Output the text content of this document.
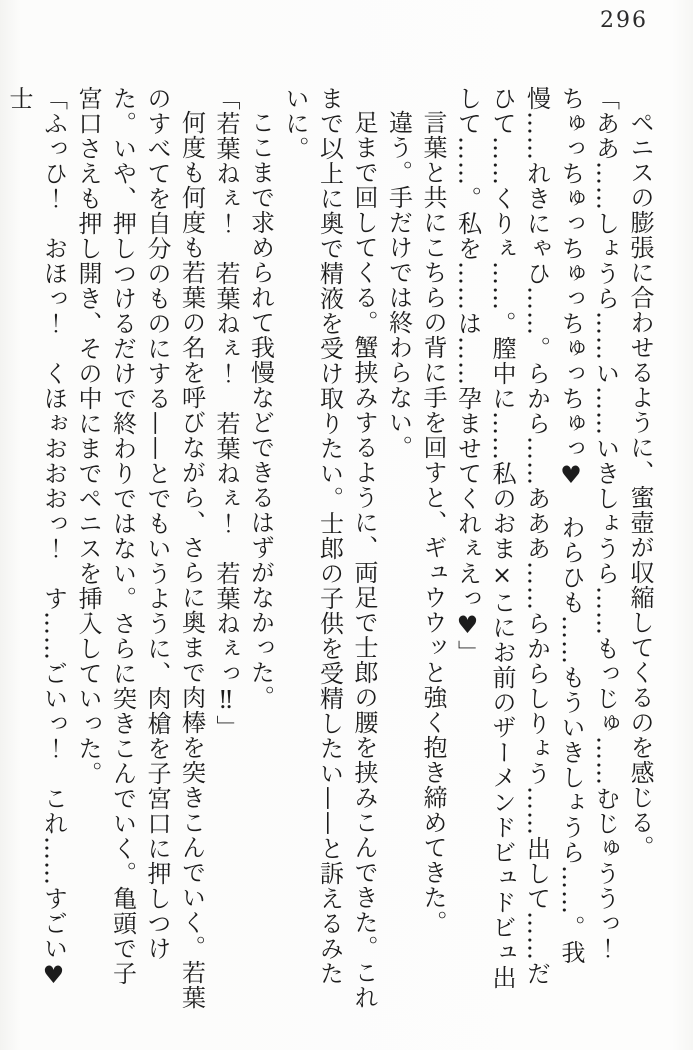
296

ペニスの膨張に合わせるように、蜜壺が収縮してくるのを感じる。

「ああ……しょうら……い……いきしょうら……もっじゅ……むじゅううっ！　ちゅっちゅっちゅっちゅっちゅっ♥　わらひも……もういきしょうら……。我慢……れきにゃひ……。らから……あああ……らからしりょう……出して……だひて……くりぇ……。膣中に……私のおま×こにお前のザーメンドビュドビュ出して……。私を……は……孕ませてくれぇえっ♥」

言葉と共にこちらの背に手を回すと、ギュウウッと強く抱き締めてきた。

違う。手だけでは終わらない。

足まで回してくる。蟹挟みするように、両足で士郎の腰を挟みこんできた。これまで以上に奥で精液を受け取りたい。士郎の子供を受精したい——と訴えるみたいに。

ここまで求められて我慢などできるはずがなかった。

「若葉ねぇ！　若葉ねぇ！　若葉ねぇ！　若葉ねぇっ‼」

何度も何度も若葉の名を呼びながら、さらに奥まで肉棒を突きこんでいく。若葉のすべてを自分のものにする——とでもいうように、肉槍を子宮口に押しつけた。いや、押しつけるだけで終わりではない。さらに突きこんでいく。亀頭で子宮口さえも押し開き、その中にまでペニスを挿入していった。

「ふっひ！　おほっ！　くほぉおおおっ！　す……ごいっ！　これ……すごい♥　士
